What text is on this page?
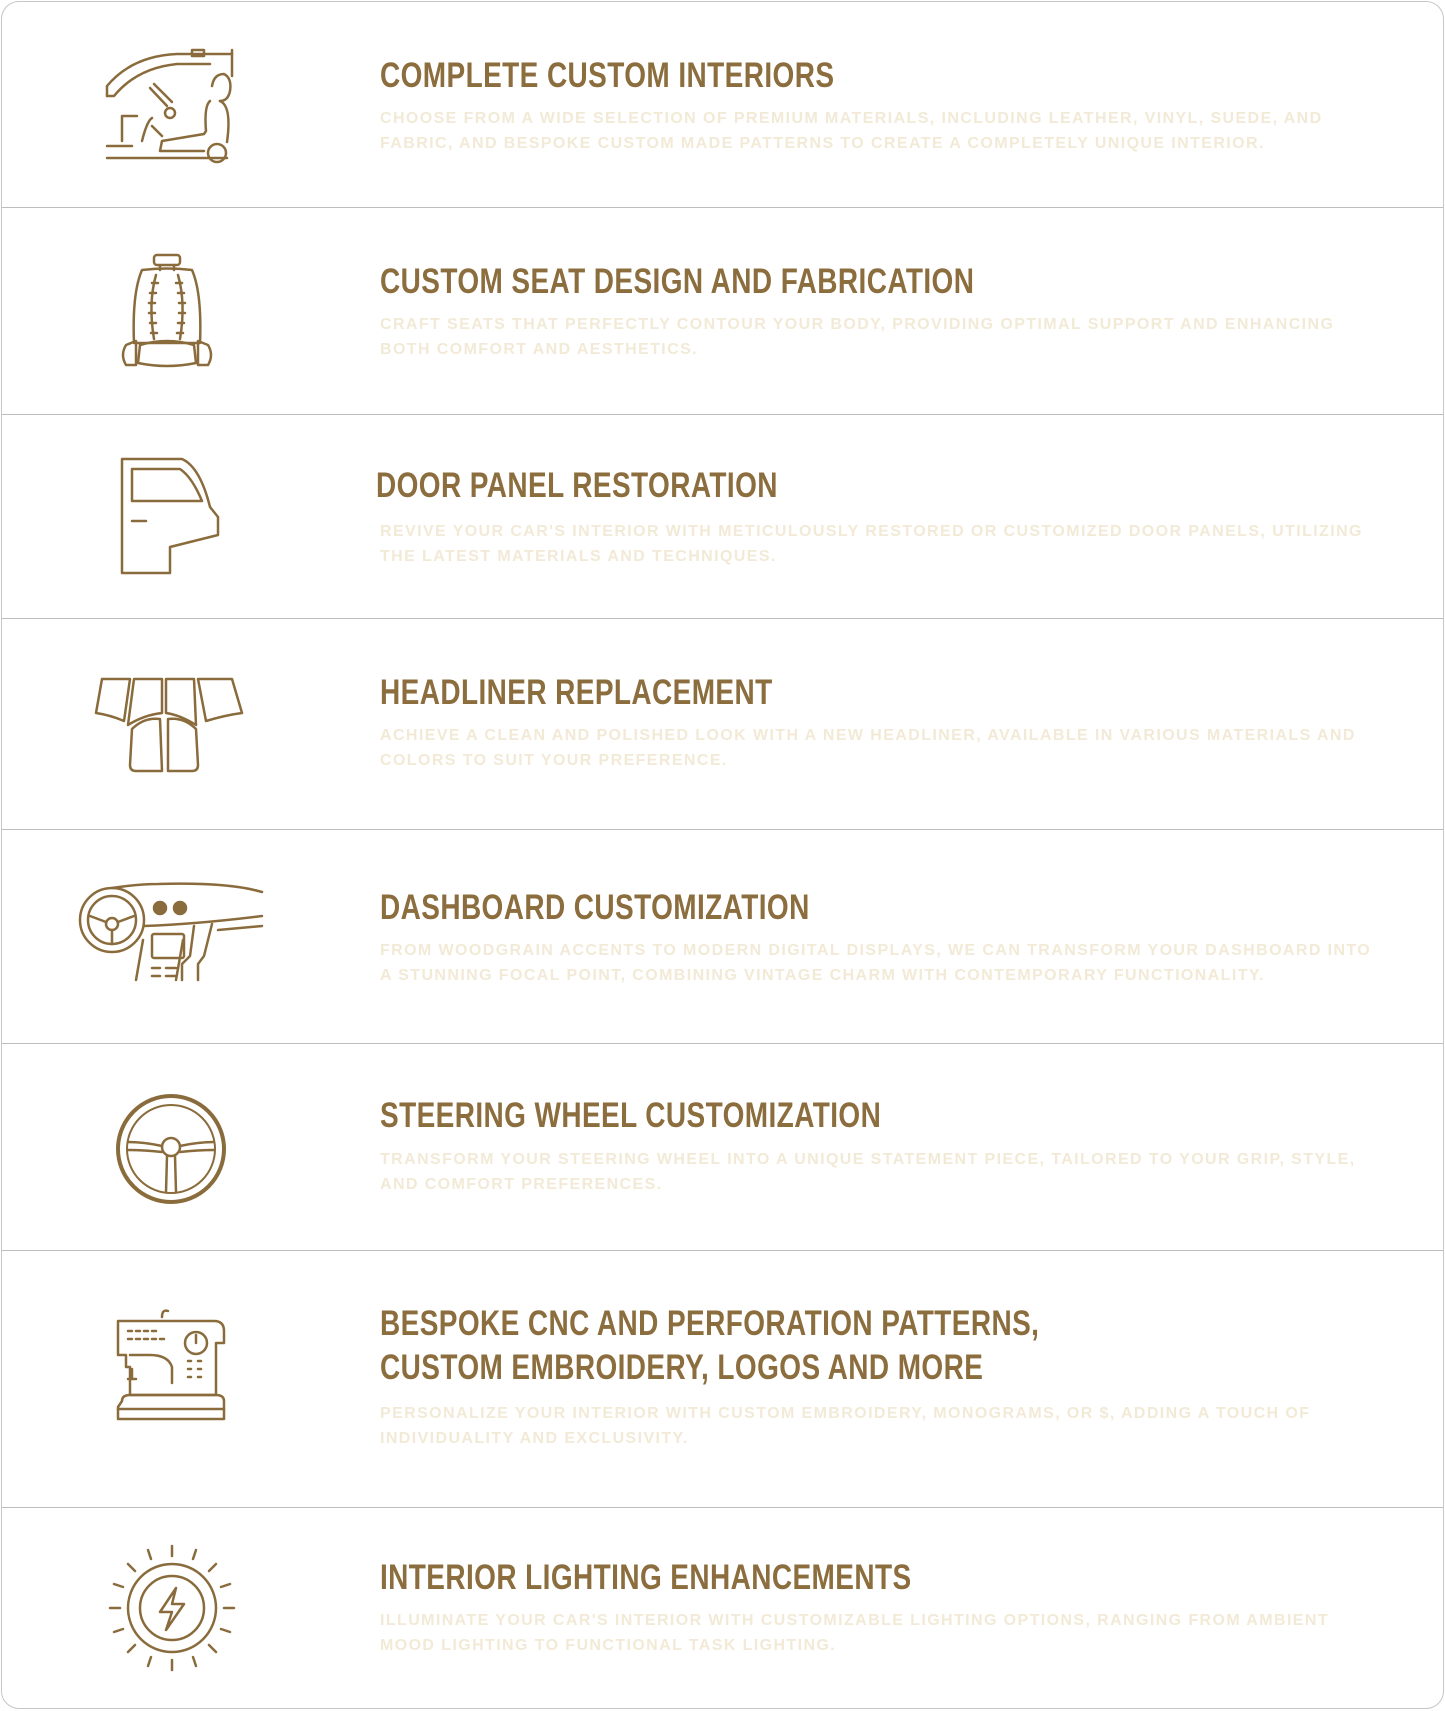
COMPLETE CUSTOM INTERIORS
CHOOSE FROM A WIDE SELECTION OF PREMIUM MATERIALS, INCLUDING LEATHER, VINYL, SUEDE, AND FABRIC, AND BESPOKE CUSTOM MADE PATTERNS TO CREATE A COMPLETELY UNIQUE INTERIOR.
CUSTOM SEAT DESIGN AND FABRICATION
CRAFT SEATS THAT PERFECTLY CONTOUR YOUR BODY, PROVIDING OPTIMAL SUPPORT AND ENHANCING BOTH COMFORT AND AESTHETICS.
DOOR PANEL RESTORATION
REVIVE YOUR CAR'S INTERIOR WITH METICULOUSLY RESTORED OR CUSTOMIZED DOOR PANELS, UTILIZING THE LATEST MATERIALS AND TECHNIQUES.
HEADLINER REPLACEMENT
ACHIEVE A CLEAN AND POLISHED LOOK WITH A NEW HEADLINER, AVAILABLE IN VARIOUS MATERIALS AND COLORS TO SUIT YOUR PREFERENCE.
DASHBOARD CUSTOMIZATION
FROM WOODGRAIN ACCENTS TO MODERN DIGITAL DISPLAYS, WE CAN TRANSFORM YOUR DASHBOARD INTO A STUNNING FOCAL POINT, COMBINING VINTAGE CHARM WITH CONTEMPORARY FUNCTIONALITY.
STEERING WHEEL CUSTOMIZATION
TRANSFORM YOUR STEERING WHEEL INTO A UNIQUE STATEMENT PIECE, TAILORED TO YOUR GRIP, STYLE, AND COMFORT PREFERENCES.
BESPOKE CNC AND PERFORATION PATTERNS, CUSTOM EMBROIDERY, LOGOS AND MORE
PERSONALIZE YOUR INTERIOR WITH CUSTOM EMBROIDERY, MONOGRAMS, OR $, ADDING A TOUCH OF INDIVIDUALITY AND EXCLUSIVITY.
INTERIOR LIGHTING ENHANCEMENTS
ILLUMINATE YOUR CAR'S INTERIOR WITH CUSTOMIZABLE LIGHTING OPTIONS, RANGING FROM AMBIENT MOOD LIGHTING TO FUNCTIONAL TASK LIGHTING.
